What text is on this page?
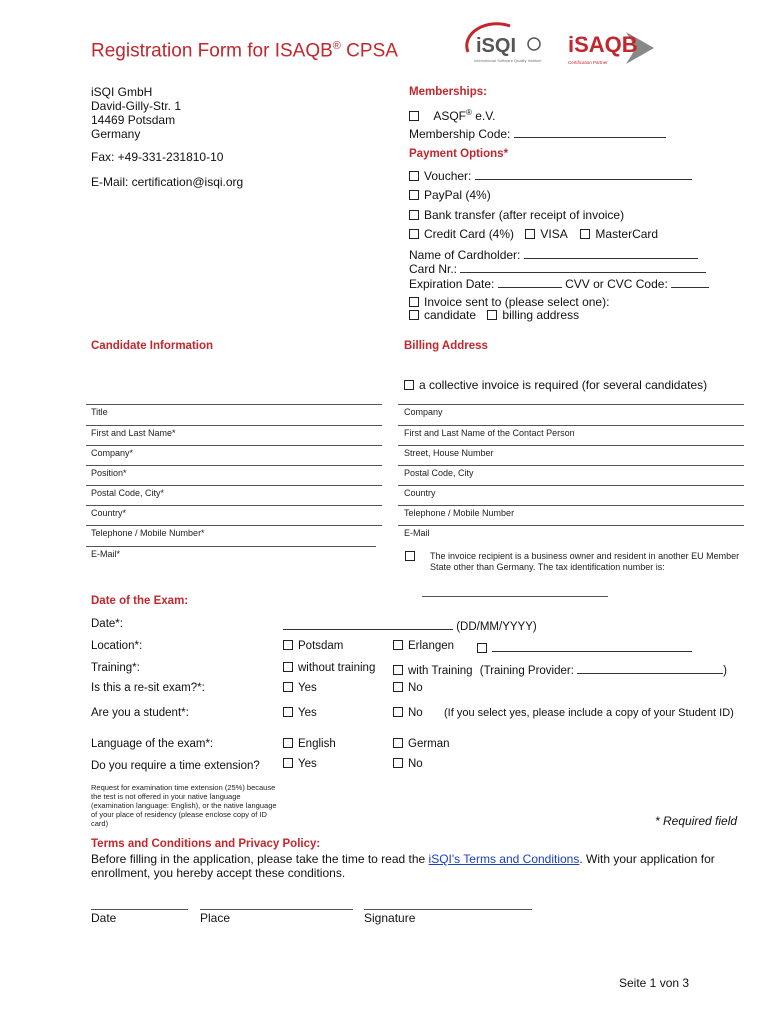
Registration Form for ISAQB® CPSA	iSQI
International Software Quality Institute
iSAQB
Certification Partner
iSQI GmbH
David-Gilly-Str. 1
14469 Potsdam
Germany
Fax: +49-331-231810-10
E-Mail: certification@isqi.org
Memberships:
ASQF® e.V.
Membership Code:
Payment Options*
Voucher:
PayPal (4%)
Bank transfer (after receipt of invoice)
Credit Card (4%) VISA MasterCard
Name of Cardholder:
Card Nr.:
Expiration Date:	CVV or CVC Code:
Invoice sent to (please select one):
candidate billing address
Candidate Information	Billing Address
a collective invoice is required (for several candidates)
Title
First and Last Name*
Company*
Position*
Postal Code, City*
Country*
Telephone / Mobile Number*
E-Mail*
Company
First and Last Name of the Contact Person
Street, House Number
Postal Code, City
Country
Telephone / Mobile Number
E-Mail
The invoice recipient is a business owner and resident in another EU Member
State other than Germany. The tax identification number is:
Date of the Exam:
Date*:	(DD/MM/YYYY)
Location*:	Potsdam	Erlangen
Training*:	without training	with Training (Training Provider:	)
Is this a re-sit exam?*:	Yes	No
Are you a student*:	Yes	No (If you select yes, please include a copy of your Student ID)
Language of the exam*:	English	German
Do you require a time extension?	Yes	No
Request for examination time extension (25%) because the test is not offered in your native language (examination language: English), or the native language of your place of residency (please enclose copy of ID card)	* Required field
Terms and Conditions and Privacy Policy:
Before filling in the application, please take the time to read the iSQI's Terms and Conditions. With your application for enrollment, you hereby accept these conditions.
Date	Place	Signature
Seite 1 von 3
